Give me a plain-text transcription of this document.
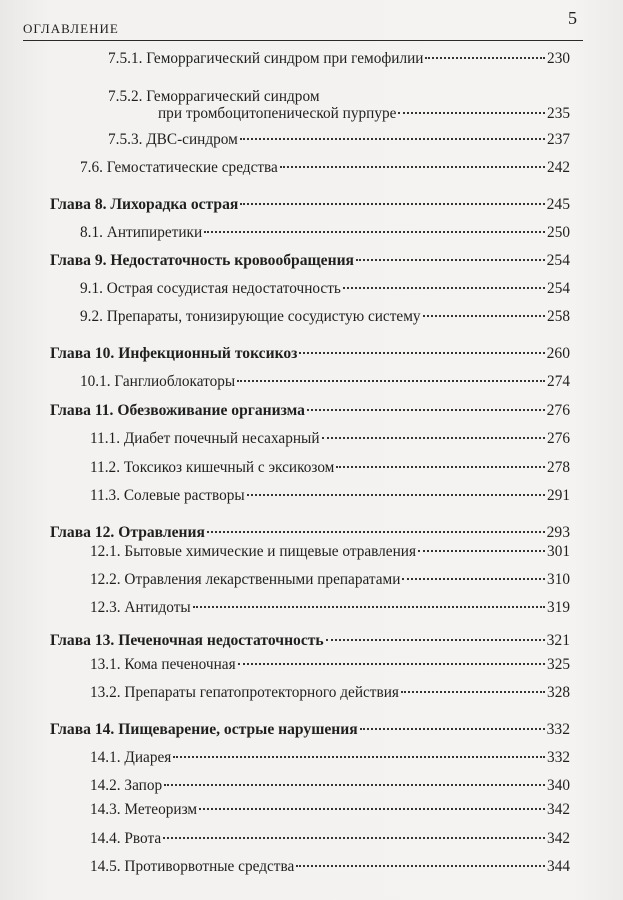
ОГЛАВЛЕНИЕ
5
7.5.1. Геморрагический синдром при гемофилии	230
7.5.2. Геморрагический синдром
при тромбоцитопенической пурпуре	235
7.5.3. ДВС-синдром	237
7.6. Гемостатические средства	242
Глава 8. Лихорадка острая	245
8.1. Антипиретики	250
Глава 9. Недостаточность кровообращения	254
9.1. Острая сосудистая недостаточность	254
9.2. Препараты, тонизирующие сосудистую систему	258
Глава 10. Инфекционный токсикоз	260
10.1. Ганглиоблокаторы	274
Глава 11. Обезвоживание организма	276
11.1. Диабет почечный несахарный	276
11.2. Токсикоз кишечный с эксикозом	278
11.3. Солевые растворы	291
Глава 12. Отравления	293
12.1. Бытовые химические и пищевые отравления	301
12.2. Отравления лекарственными препаратами	310
12.3. Антидоты	319
Глава 13. Печеночная недостаточность	321
13.1. Кома печеночная	325
13.2. Препараты гепатопротекторного действия	328
Глава 14. Пищеварение, острые нарушения	332
14.1. Диарея	332
14.2. Запор	340
14.3. Метеоризм	342
14.4. Рвота	342
14.5. Противорвотные средства	344
